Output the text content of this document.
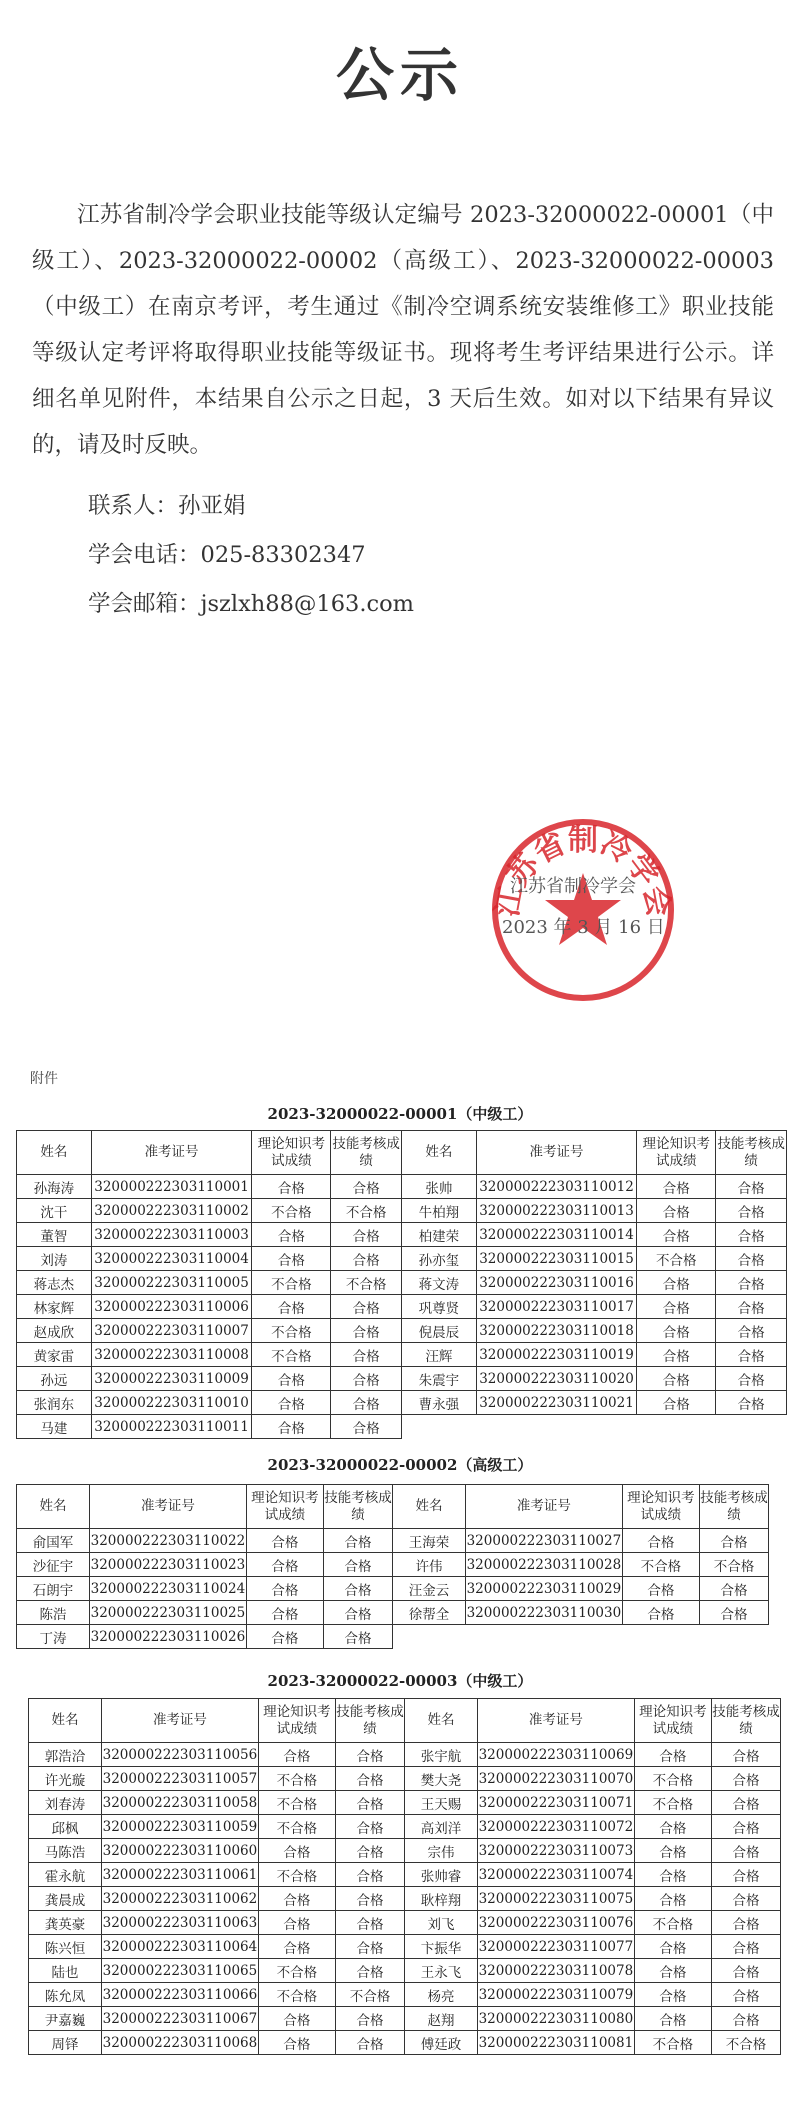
公示

江苏省制冷学会职业技能等级认定编号 2023-32000022-00001（中级工）、2023-32000022-00002（高级工）、2023-32000022-00003（中级工）在南京考评，考生通过《制冷空调系统安装维修工》职业技能等级认定考评将取得职业技能等级证书。现将考生考评结果进行公示。详细名单见附件，本结果自公示之日起，3 天后生效。如对以下结果有异议的，请及时反映。

联系人：孙亚娟
学会电话：025-83302347
学会邮箱：jszlxh88@163.com
江苏省制冷学会
江苏省制冷学会
2023 年 3 月 16 日
附件
2023-32000022-00001（中级工）
姓名	准考证号	理论知识考试成绩	技能考核成绩	姓名	准考证号	理论知识考试成绩	技能考核成绩
孙海涛	320000222303110001	合格	合格	张帅	320000222303110012	合格	合格
沈干	320000222303110002	不合格	不合格	牛柏翔	320000222303110013	合格	合格
董智	320000222303110003	合格	合格	柏建荣	320000222303110014	合格	合格
刘涛	320000222303110004	合格	合格	孙亦玺	320000222303110015	不合格	合格
蒋志杰	320000222303110005	不合格	不合格	蒋文涛	320000222303110016	合格	合格
林家辉	320000222303110006	合格	合格	巩尊贤	320000222303110017	合格	合格
赵成欣	320000222303110007	不合格	合格	倪晨辰	320000222303110018	合格	合格
黄家雷	320000222303110008	不合格	合格	汪辉	320000222303110019	合格	合格
孙远	320000222303110009	合格	合格	朱震宇	320000222303110020	合格	合格
张润东	320000222303110010	合格	合格	曹永强	320000222303110021	合格	合格
马建	320000222303110011	合格	合格				
2023-32000022-00002（高级工）
姓名	准考证号	理论知识考试成绩	技能考核成绩	姓名	准考证号	理论知识考试成绩	技能考核成绩
俞国军	320000222303110022	合格	合格	王海荣	320000222303110027	合格	合格
沙征宇	320000222303110023	合格	合格	许伟	320000222303110028	不合格	不合格
石朗宇	320000222303110024	合格	合格	汪金云	320000222303110029	合格	合格
陈浩	320000222303110025	合格	合格	徐帮全	320000222303110030	合格	合格
丁涛	320000222303110026	合格	合格				
2023-32000022-00003（中级工）
姓名	准考证号	理论知识考试成绩	技能考核成绩	姓名	准考证号	理论知识考试成绩	技能考核成绩
郭浩洽	320000222303110056	合格	合格	张宇航	320000222303110069	合格	合格
许光璇	320000222303110057	不合格	合格	樊大尧	320000222303110070	不合格	合格
刘春涛	320000222303110058	不合格	合格	王天赐	320000222303110071	不合格	合格
邱枫	320000222303110059	不合格	合格	高刘洋	320000222303110072	合格	合格
马陈浩	320000222303110060	合格	合格	宗伟	320000222303110073	合格	合格
霍永航	320000222303110061	不合格	合格	张帅睿	320000222303110074	合格	合格
龚晨成	320000222303110062	合格	合格	耿梓翔	320000222303110075	合格	合格
龚英豪	320000222303110063	合格	合格	刘飞	320000222303110076	不合格	合格
陈兴恒	320000222303110064	合格	合格	卞振华	320000222303110077	合格	合格
陆也	320000222303110065	不合格	合格	王永飞	320000222303110078	合格	合格
陈允凤	320000222303110066	不合格	不合格	杨亮	320000222303110079	合格	合格
尹嘉巍	320000222303110067	合格	合格	赵翔	320000222303110080	合格	合格
周铎	320000222303110068	合格	合格	傅廷政	320000222303110081	不合格	不合格
